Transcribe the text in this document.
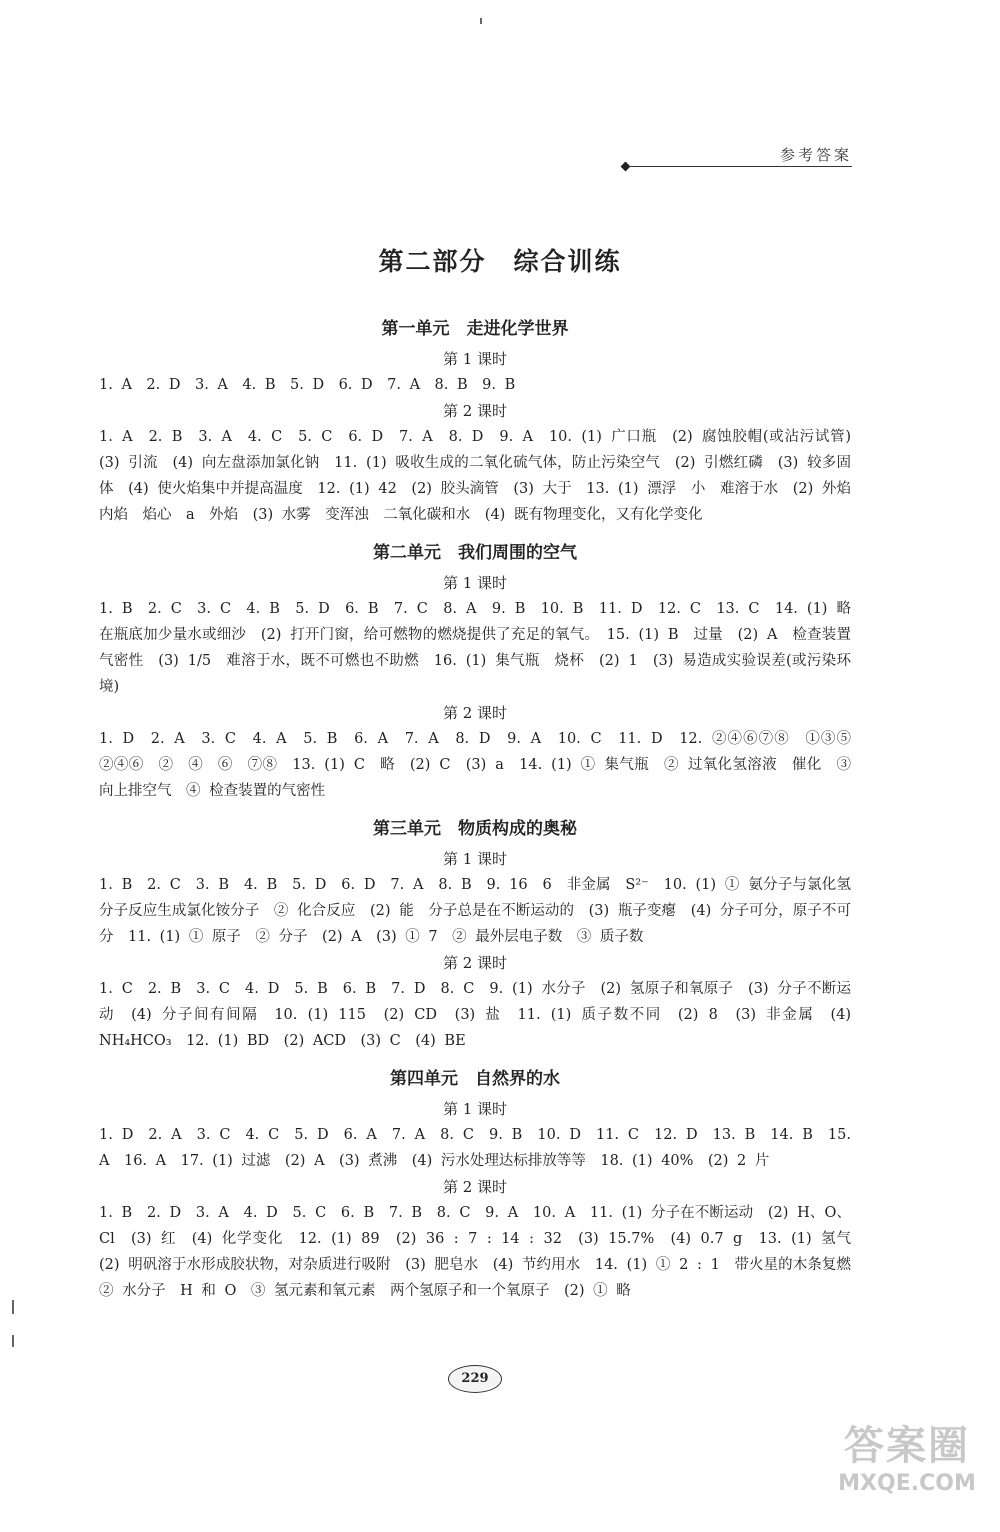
参考答案
第二部分　综合训练
第一单元　走进化学世界
第 1 课时
1. A　2. D　3. A　4. B　5. D　6. D　7. A　8. B　9. B
第 2 课时
1. A　2. B　3. A　4. C　5. C　6. D　7. A　8. D　9. A　10. (1) 广口瓶　(2) 腐蚀胶帽(或沾污试管)　(3) 引流　(4) 向左盘添加氯化钠　11. (1) 吸收生成的二氧化硫气体，防止污染空气　(2) 引燃红磷　(3) 较多固体　(4) 使火焰集中并提高温度　12. (1) 42　(2) 胶头滴管　(3) 大于　13. (1) 漂浮　小　难溶于水　(2) 外焰　内焰　焰心　a　外焰　(3) 水雾　变浑浊　二氧化碳和水　(4) 既有物理变化，又有化学变化
第二单元　我们周围的空气
第 1 课时
1. B　2. C　3. C　4. B　5. D　6. B　7. C　8. A　9. B　10. B　11. D　12. C　13. C　14. (1) 略　在瓶底加少量水或细沙　(2) 打开门窗，给可燃物的燃烧提供了充足的氧气。　15. (1) B　过量　(2) A　检查装置气密性　(3) 1/5　难溶于水，既不可燃也不助燃　16. (1) 集气瓶　烧杯　(2) 1　(3) 易造成实验误差(或污染环境)
第 2 课时
1. D　2. A　3. C　4. A　5. B　6. A　7. A　8. D　9. A　10. C　11. D　12. ②④⑥⑦⑧　①③⑤　②④⑥　②　④　⑥　⑦⑧　13. (1) C　略　(2) C　(3) a　14. (1) ① 集气瓶　② 过氧化氢溶液　催化　③ 向上排空气　④ 检查装置的气密性
第三单元　物质构成的奥秘
第 1 课时
1. B　2. C　3. B　4. B　5. D　6. D　7. A　8. B　9. 16　6　非金属　S²⁻　10. (1) ① 氨分子与氯化氢分子反应生成氯化铵分子　② 化合反应　(2) 能　分子总是在不断运动的　(3) 瓶子变瘪　(4) 分子可分，原子不可分　11. (1) ① 原子　② 分子　(2) A　(3) ① 7　② 最外层电子数　③ 质子数
第 2 课时
1. C　2. B　3. C　4. D　5. B　6. B　7. D　8. C　9. (1) 水分子　(2) 氢原子和氧原子　(3) 分子不断运动　(4) 分子间有间隔　10. (1) 115　(2) CD　(3) 盐　11. (1) 质子数不同　(2) 8　(3) 非金属　(4) NH₄HCO₃　12. (1) BD　(2) ACD　(3) C　(4) BE
第四单元　自然界的水
第 1 课时
1. D　2. A　3. C　4. C　5. D　6. A　7. A　8. C　9. B　10. D　11. C　12. D　13. B　14. B　15. A　16. A　17. (1) 过滤　(2) A　(3) 煮沸　(4) 污水处理达标排放等等　18. (1) 40%　(2) 2 片
第 2 课时
1. B　2. D　3. A　4. D　5. C　6. B　7. B　8. C　9. A　10. A　11. (1) 分子在不断运动　(2) H、O、Cl　(3) 红　(4) 化学变化　12. (1) 89　(2) 36 : 7 : 14 : 32　(3) 15.7%　(4) 0.7 g　13. (1) 氢气　(2) 明矾溶于水形成胶状物，对杂质进行吸附　(3) 肥皂水　(4) 节约用水　14. (1) ① 2 : 1　带火星的木条复燃　② 水分子　H 和 O　③ 氢元素和氧元素　两个氢原子和一个氧原子　(2) ① 略
229
答案圈
MXQE.COM
